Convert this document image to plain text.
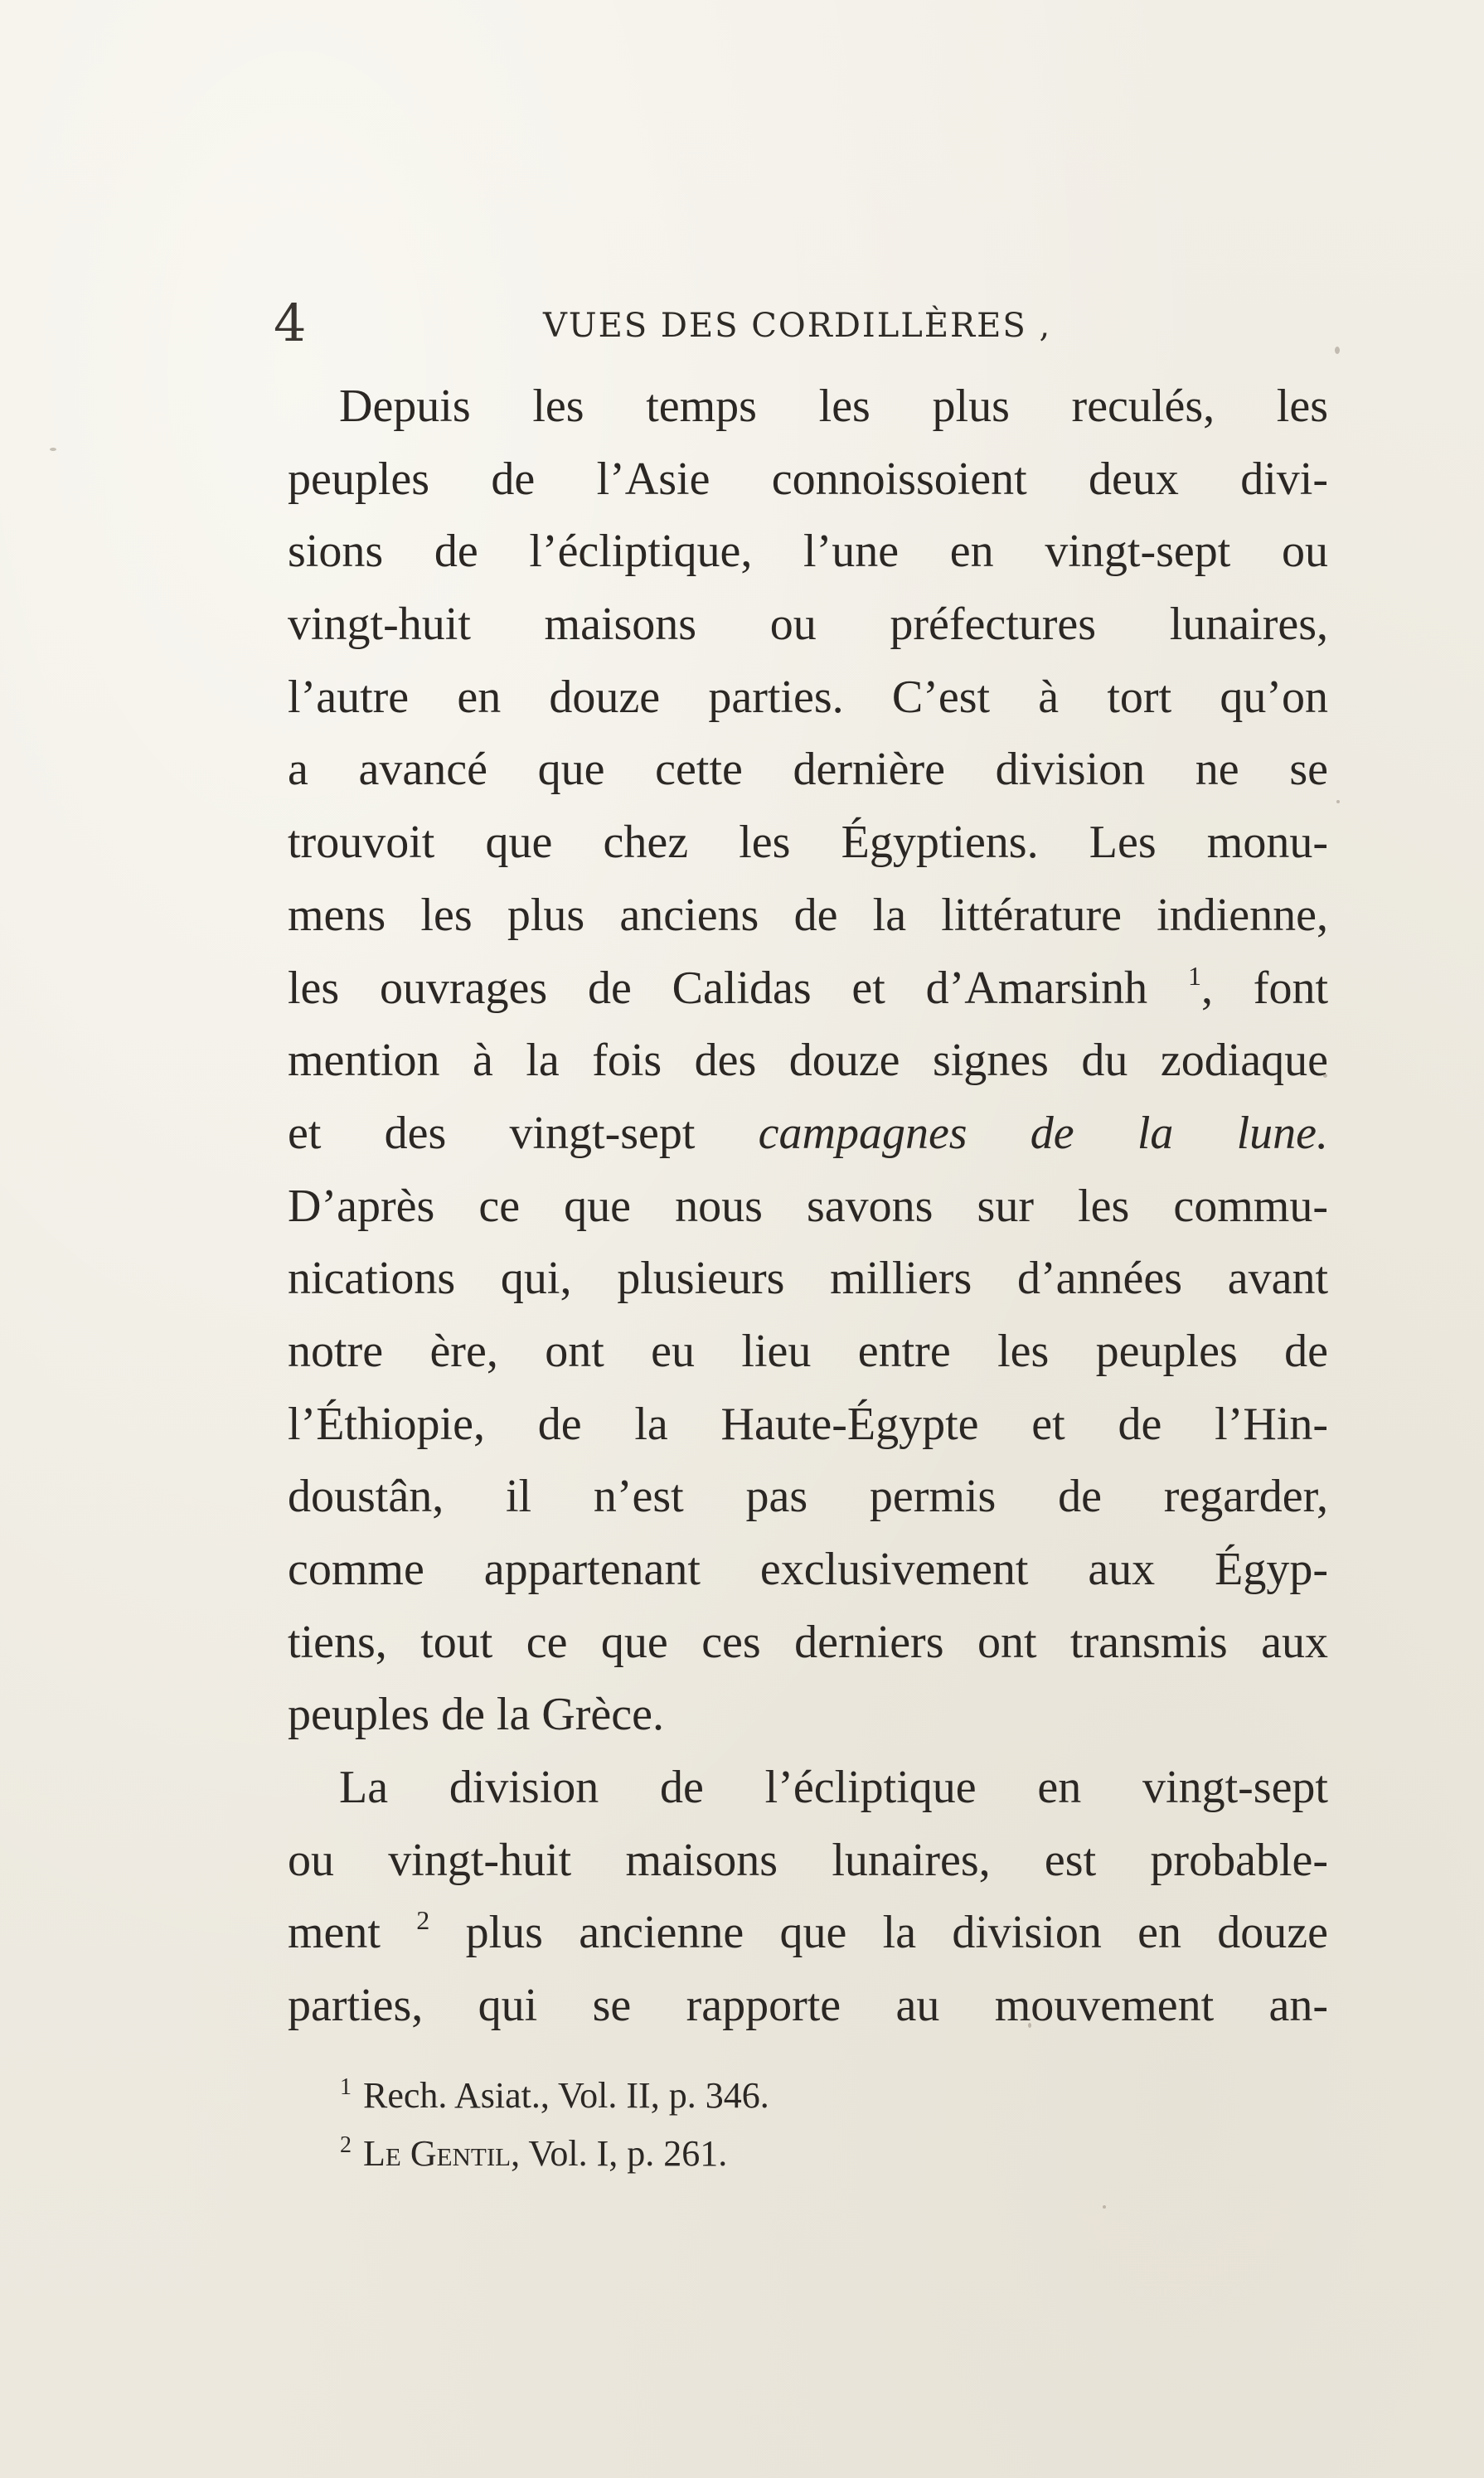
4	VUES DES CORDILLÈRES ,
Depuis les temps les plus reculés, les
peuples de l’Asie connoissoient deux divi-
sions de l’écliptique, l’une en vingt-sept ou
vingt-huit maisons ou préfectures lunaires,
l’autre en douze parties. C’est à tort qu’on
a avancé que cette dernière division ne se
trouvoit que chez les Égyptiens. Les monu-
mens les plus anciens de la littérature indienne,
les ouvrages de Calidas et d’Amarsinh $^1$, font
mention à la fois des douze signes du zodiaque
et des vingt-sept campagnes de la lune.
D’après ce que nous savons sur les commu-
nications qui, plusieurs milliers d’années avant
notre ère, ont eu lieu entre les peuples de
l’Éthiopie, de la Haute-Égypte et de l’Hin-
doustân, il n’est pas permis de regarder,
comme appartenant exclusivement aux Égyp-
tiens, tout ce que ces derniers ont transmis aux
peuples de la Grèce.
La division de l’écliptique en vingt-sept
ou vingt-huit maisons lunaires, est probable-
ment $^2$ plus ancienne que la division en douze
parties, qui se rapporte au mouvement an-
$^1$ Rech. Asiat., Vol. II, p. 346.
$^2$ Le Gentil, Vol. I, p. 261.
